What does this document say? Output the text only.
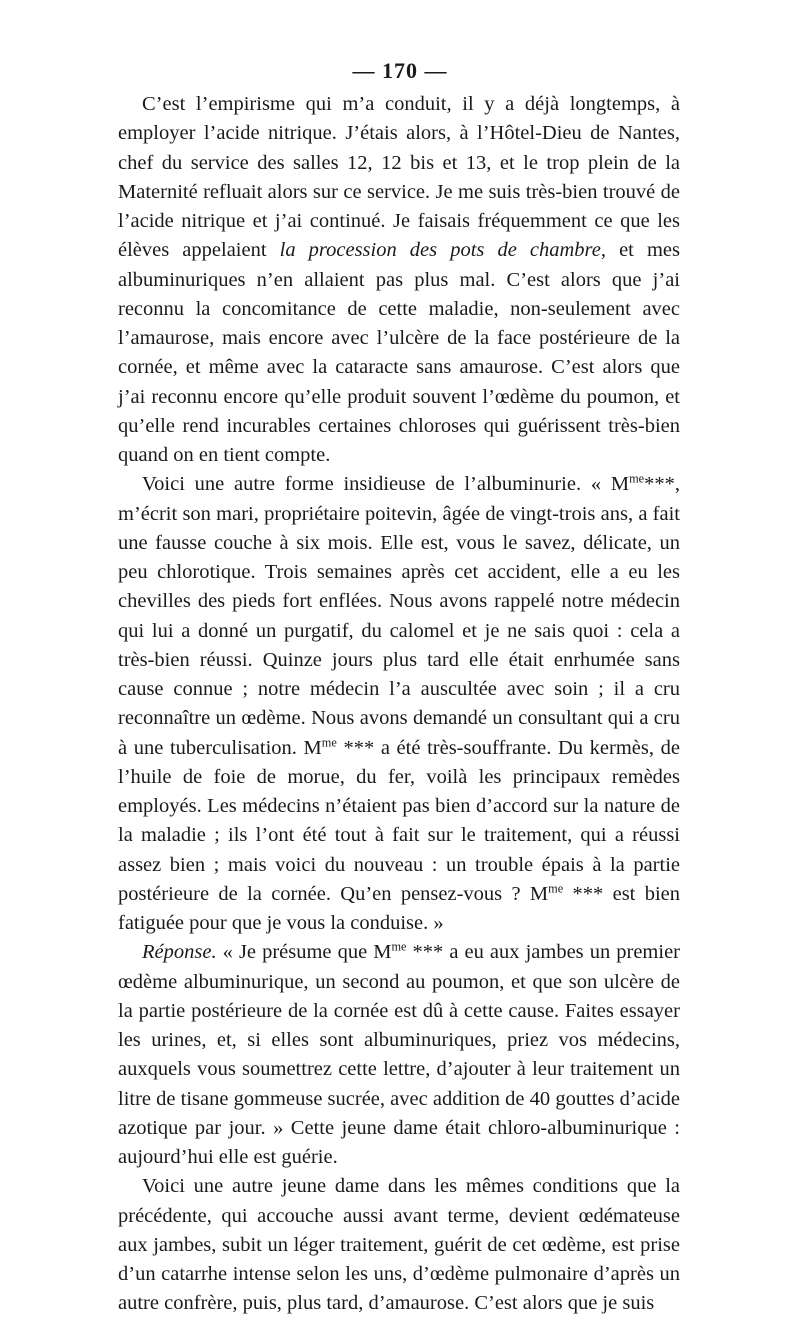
— 170 —

C’est l’empirisme qui m’a conduit, il y a déjà longtemps, à employer l’acide nitrique. J’étais alors, à l’Hôtel-Dieu de Nantes, chef du service des salles 12, 12 bis et 13, et le trop plein de la Maternité refluait alors sur ce service. Je me suis très-bien trouvé de l’acide nitrique et j’ai continué. Je faisais fréquemment ce que les élèves appelaient la procession des pots de chambre, et mes albuminuriques n’en allaient pas plus mal. C’est alors que j’ai reconnu la concomitance de cette maladie, non-seulement avec l’amaurose, mais encore avec l’ulcère de la face postérieure de la cornée, et même avec la cataracte sans amaurose. C’est alors que j’ai reconnu encore qu’elle produit souvent l’œdème du poumon, et qu’elle rend incurables certaines chloroses qui guérissent très-bien quand on en tient compte.

Voici une autre forme insidieuse de l’albuminurie. « $M^{me}***$, m’écrit son mari, propriétaire poitevin, âgée de vingt-trois ans, a fait une fausse couche à six mois. Elle est, vous le savez, délicate, un peu chlorotique. Trois semaines après cet accident, elle a eu les chevilles des pieds fort enflées. Nous avons rappelé notre médecin qui lui a donné un purgatif, du calomel et je ne sais quoi : cela a très-bien réussi. Quinze jours plus tard elle était enrhumée sans cause connue ; notre médecin l’a auscultée avec soin ; il a cru reconnaître un œdème. Nous avons demandé un consultant qui a cru à une tuberculisation. $M^{me}$ *** a été très-souffrante. Du kermès, de l’huile de foie de morue, du fer, voilà les principaux remèdes employés. Les médecins n’étaient pas bien d’accord sur la nature de la maladie ; ils l’ont été tout à fait sur le traitement, qui a réussi assez bien ; mais voici du nouveau : un trouble épais à la partie postérieure de la cornée. Qu’en pensez-vous ? $M^{me}$ *** est bien fatiguée pour que je vous la conduise. »

Réponse. « Je présume que $M^{me}$ *** a eu aux jambes un premier œdème albuminurique, un second au poumon, et que son ulcère de la partie postérieure de la cornée est dû à cette cause. Faites essayer les urines, et, si elles sont albuminuriques, priez vos médecins, auxquels vous soumettrez cette lettre, d’ajouter à leur traitement un litre de tisane gommeuse sucrée, avec addition de 40 gouttes d’acide azotique par jour. » Cette jeune dame était chloro-albuminurique : aujourd’hui elle est guérie.

Voici une autre jeune dame dans les mêmes conditions que la précédente, qui accouche aussi avant terme, devient œdémateuse aux jambes, subit un léger traitement, guérit de cet œdème, est prise d’un catarrhe intense selon les uns, d’œdème pulmonaire d’après un autre confrère, puis, plus tard, d’amaurose. C’est alors que je suis
